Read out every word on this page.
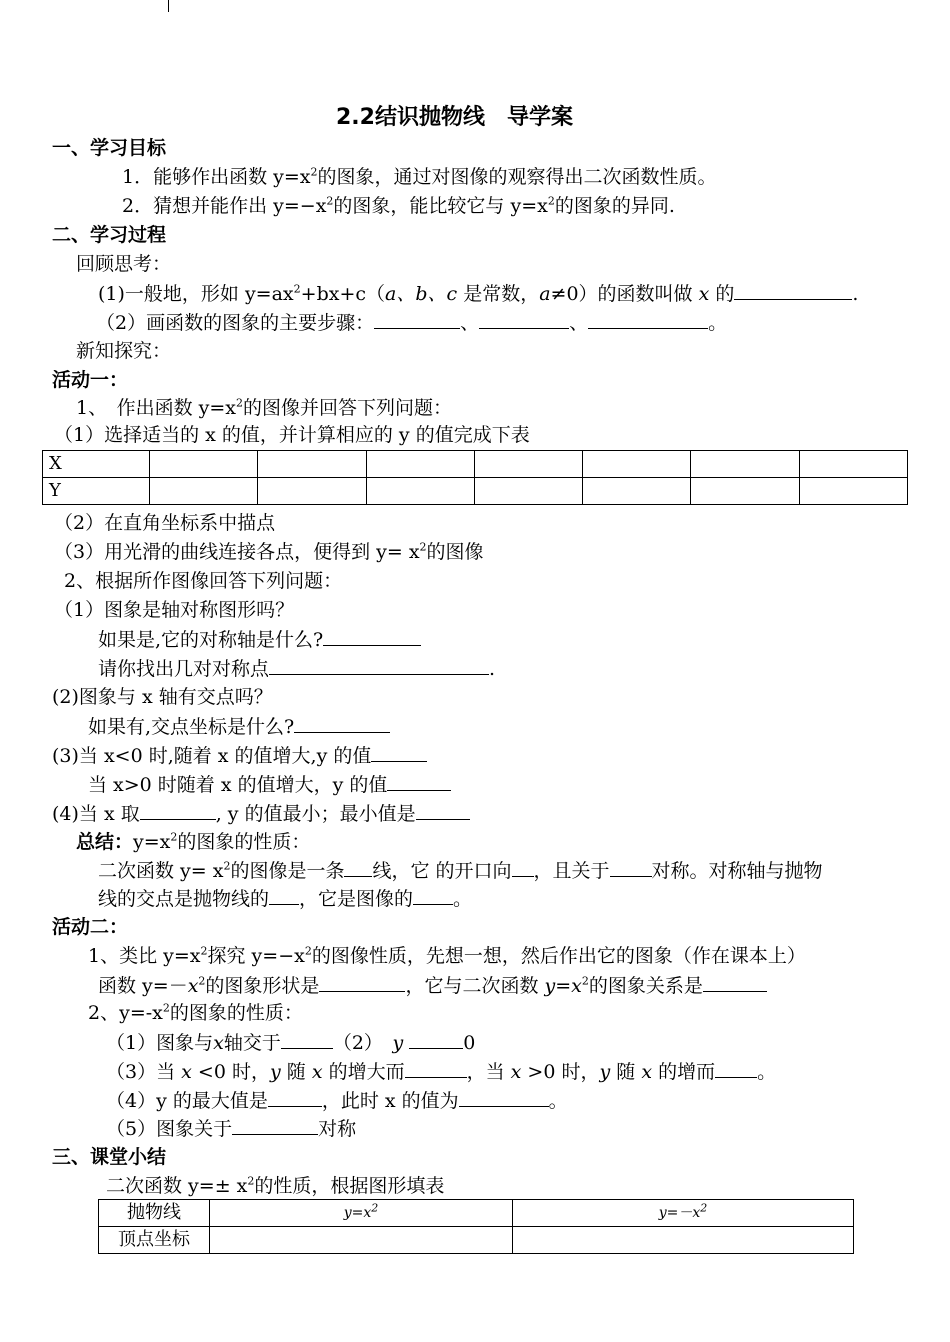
2.2结识抛物线　导学案
一、学习目标
1．能够作出函数 $y=x^2$的图象，通过对图像的观察得出二次函数性质。
2．猜想并能作出 $y=-x^2$的图象，能比较它与 $y=x^2$的图象的异同.
二、学习过程
回顾思考：
(1)一般地，形如 $y=ax^2+bx+c(a$、b、c 是常数，a≠0）的函数叫做 x 的	.
（2）画函数的图象的主要步骤：	、	、	。
新知探究：
活动一：
1、　作出函数 $y=x^2$的图像并回答下列问题：
（1）选择适当的 x 的值，并计算相应的 y 的值完成下表
X							
Y							
（2）在直角坐标系中描点
（3）用光滑的曲线连接各点，便得到 $y= x^2$的图像
2、根据所作图像回答下列问题：
（1）图象是轴对称图形吗？
如果是,它的对称轴是什么?
请你找出几对对称点	.
(2)图象与 x 轴有交点吗？
如果有,交点坐标是什么?
(3)当 x<0 时,随着 x 的值增大,y 的值
当 x>0 时随着 x 的值增大，y 的值
(4)当 x 取	, y 的值最小；最小值是
总结：$y=x^2$的图象的性质：
二次函数 $y= x^2$的图像是一条 线，它 的开口向 ，且关于 对称。对称轴与抛物
线的交点是抛物线的 ，它是图像的 。
活动二：
1、类比 $y=x^2$探究 $y=-x^2$的图像性质，先想一想，然后作出它的图象（作在课本上）
函数 $y=-x^2$的图象形状是	，它与二次函数 $y=x^2$的图象关系是
2、$y=-x^2$的图象的性质：
（1）图象与x轴交于	（2）　 y	0
（3）当 x <0 时，y 随 x 的增大而	，当 x >0 时，y 随 x 的增而 。
（4）y 的最大值是	，此时 x 的值为	。
（5）图象关于	对称
三、课堂小结
二次函数 $y=\pm x^2$的性质，根据图形填表
抛物线	$y=x^2$	$y=-x^2$
顶点坐标		
